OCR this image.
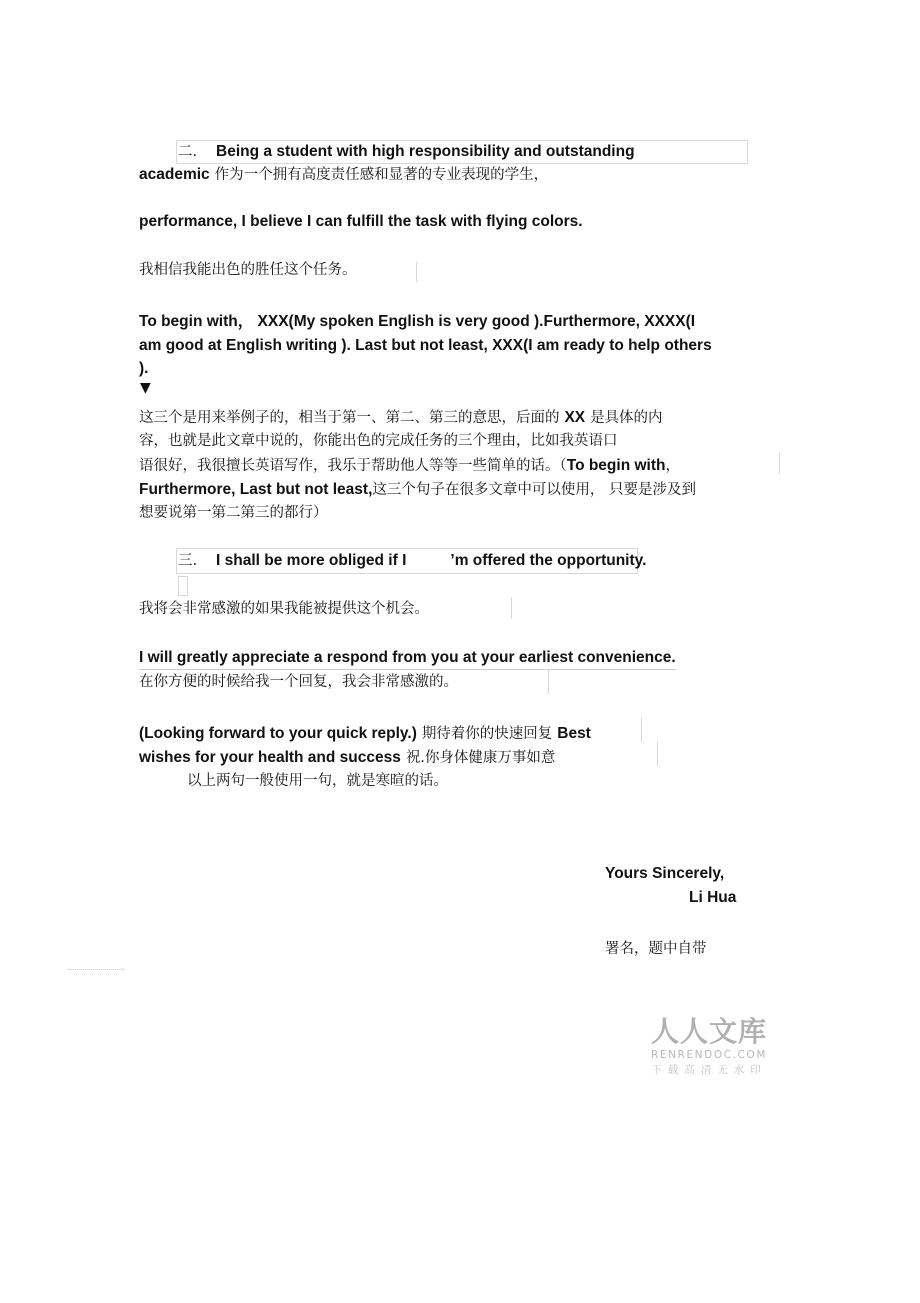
二. Being a student with high responsibility and outstanding
academic 作为一个拥有高度责任感和显著的专业表现的学生，
performance, I believe I can fulfill the task with flying colors.
我相信我能出色的胜任这个任务。
To begin with， XXX(My spoken English is very good ).Furthermore, XXXX(I
am good at English writing ). Last but not least, XXX(I am ready to help others
).
▼
这三个是用来举例子的，相当于第一、第二、第三的意思，后面的 XX 是具体的内
容，也就是此文章中说的，你能出色的完成任务的三个理由，比如我英语口
语很好，我很擅长英语写作，我乐于帮助他人等等一些简单的话。（To begin with，
Furthermore, Last but not least,这三个句子在很多文章中可以使用， 只要是涉及到
想要说第一第二第三的都行）
三. I shall be more obliged if I	’m offered the opportunity.
我将会非常感激的如果我能被提供这个机会。
I will greatly appreciate a respond from you at your earliest convenience.
在你方便的时候给我一个回复，我会非常感激的。
(Looking forward to your quick reply.) 期待着你的快速回复 Best
wishes for your health and success 祝.你身体健康万事如意
以上两句一般使用一句，就是寒暄的话。
Yours Sincerely,
Li Hua
署名，题中自带
人人文库
RENRENDOC.COM
下载高清无水印
